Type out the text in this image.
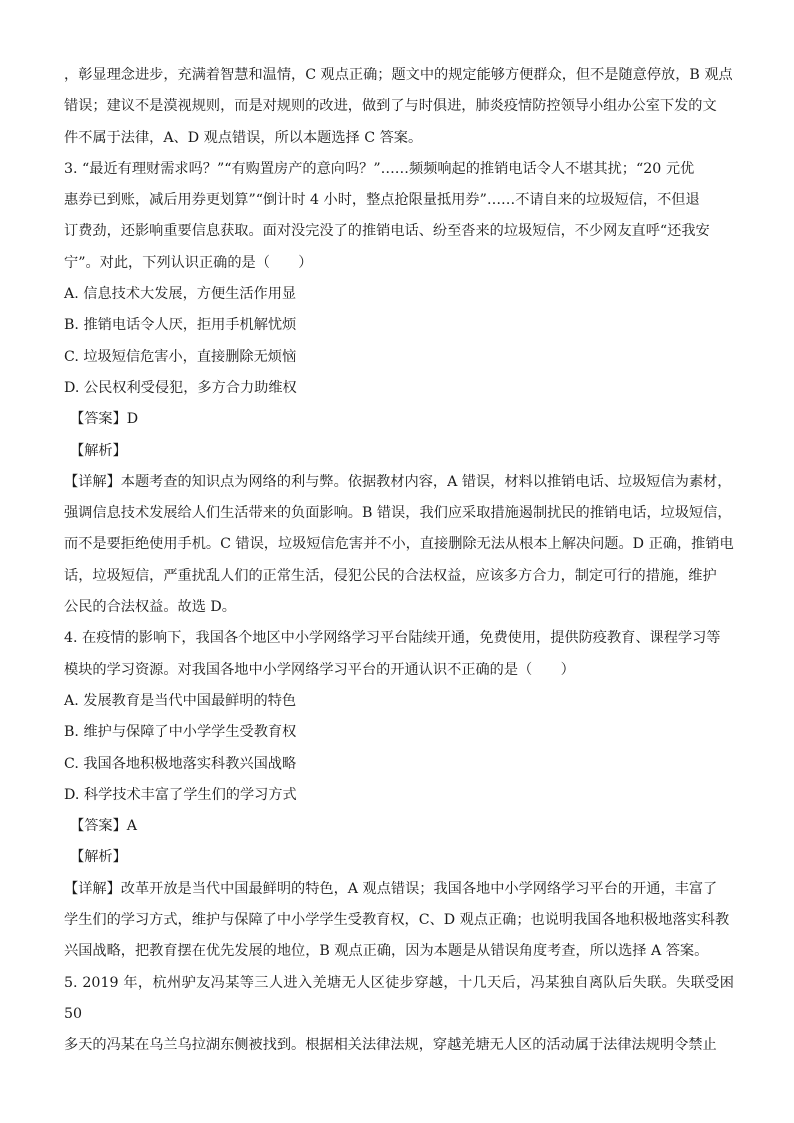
，彰显理念进步，充满着智慧和温情，C 观点正确；题文中的规定能够方便群众，但不是随意停放，B 观点

错误；建议不是漠视规则，而是对规则的改进，做到了与时俱进，肺炎疫情防控领导小组办公室下发的文

件不属于法律，A、D 观点错误，所以本题选择 C 答案。

3. “最近有理财需求吗？”“有购置房产的意向吗？”……频频响起的推销电话令人不堪其扰；“20 元优

惠券已到账，减后用券更划算”“倒计时 4 小时，整点抢限量抵用券”……不请自来的垃圾短信，不但退

订费劲，还影响重要信息获取。面对没完没了的推销电话、纷至沓来的垃圾短信，不少网友直呼“还我安

宁”。对此，下列认识正确的是（　　）

A. 信息技术大发展，方便生活作用显

B. 推销电话令人厌，拒用手机解忧烦

C. 垃圾短信危害小，直接删除无烦恼

D. 公民权利受侵犯，多方合力助维权

【答案】D

【解析】

【详解】本题考查的知识点为网络的利与弊。依据教材内容，A 错误，材料以推销电话、垃圾短信为素材，

强调信息技术发展给人们生活带来的负面影响。B 错误，我们应采取措施遏制扰民的推销电话，垃圾短信，

而不是要拒绝使用手机。C 错误，垃圾短信危害并不小，直接删除无法从根本上解决问题。D 正确，推销电

话，垃圾短信，严重扰乱人们的正常生活，侵犯公民的合法权益，应该多方合力，制定可行的措施，维护

公民的合法权益。故选 D。

4. 在疫情的影响下，我国各个地区中小学网络学习平台陆续开通，免费使用，提供防疫教育、课程学习等

模块的学习资源。对我国各地中小学网络学习平台的开通认识不正确的是（　　）

A. 发展教育是当代中国最鲜明的特色

B. 维护与保障了中小学学生受教育权

C. 我国各地积极地落实科教兴国战略

D. 科学技术丰富了学生们的学习方式

【答案】A

【解析】

【详解】改革开放是当代中国最鲜明的特色，A 观点错误；我国各地中小学网络学习平台的开通，丰富了

学生们的学习方式，维护与保障了中小学学生受教育权，C、D 观点正确；也说明我国各地积极地落实科教

兴国战略，把教育摆在优先发展的地位，B 观点正确，因为本题是从错误角度考查，所以选择 A 答案。

5. 2019 年，杭州驴友冯某等三人进入羌塘无人区徒步穿越，十几天后，冯某独自离队后失联。失联受困 50

多天的冯某在乌兰乌拉湖东侧被找到。根据相关法律法规，穿越羌塘无人区的活动属于法律法规明令禁止
